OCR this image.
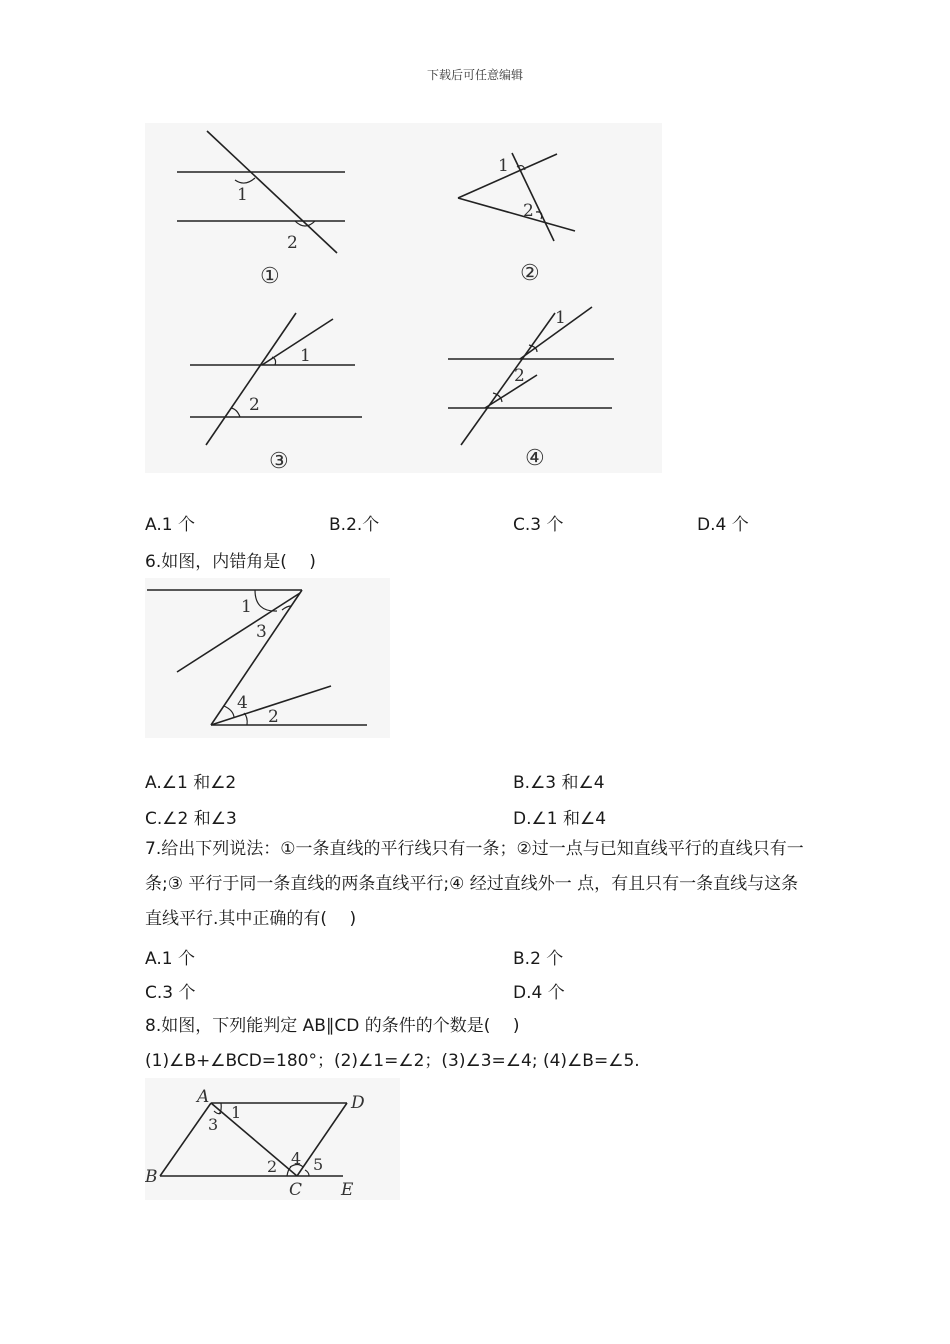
下载后可任意编辑
1
2
①
1
2
②
1
2
③
1
2
④
A.1 个	B.2.个	C.3 个	D.4 个
6.如图，内错角是(　 )
1
3
4
2
A.∠1 和∠2	B.∠3 和∠4
C.∠2 和∠3	D.∠1 和∠4
7.给出下列说法：①一条直线的平行线只有一条；②过一点与已知直线平行的直线只有一条;③ 平行于同一条直线的两条直线平行;④ 经过直线外一 点，有且只有一条直线与这条直线平行.其中正确的有(　 )
A.1 个	B.2 个
C.3 个	D.4 个
8.如图，下列能判定 AB∥CD 的条件的个数是(　 )
(1)∠B+∠BCD=180°；(2)∠1=∠2；(3)∠3=∠4; (4)∠B=∠5.
A	D
B
C E
1
3
2 4 5
